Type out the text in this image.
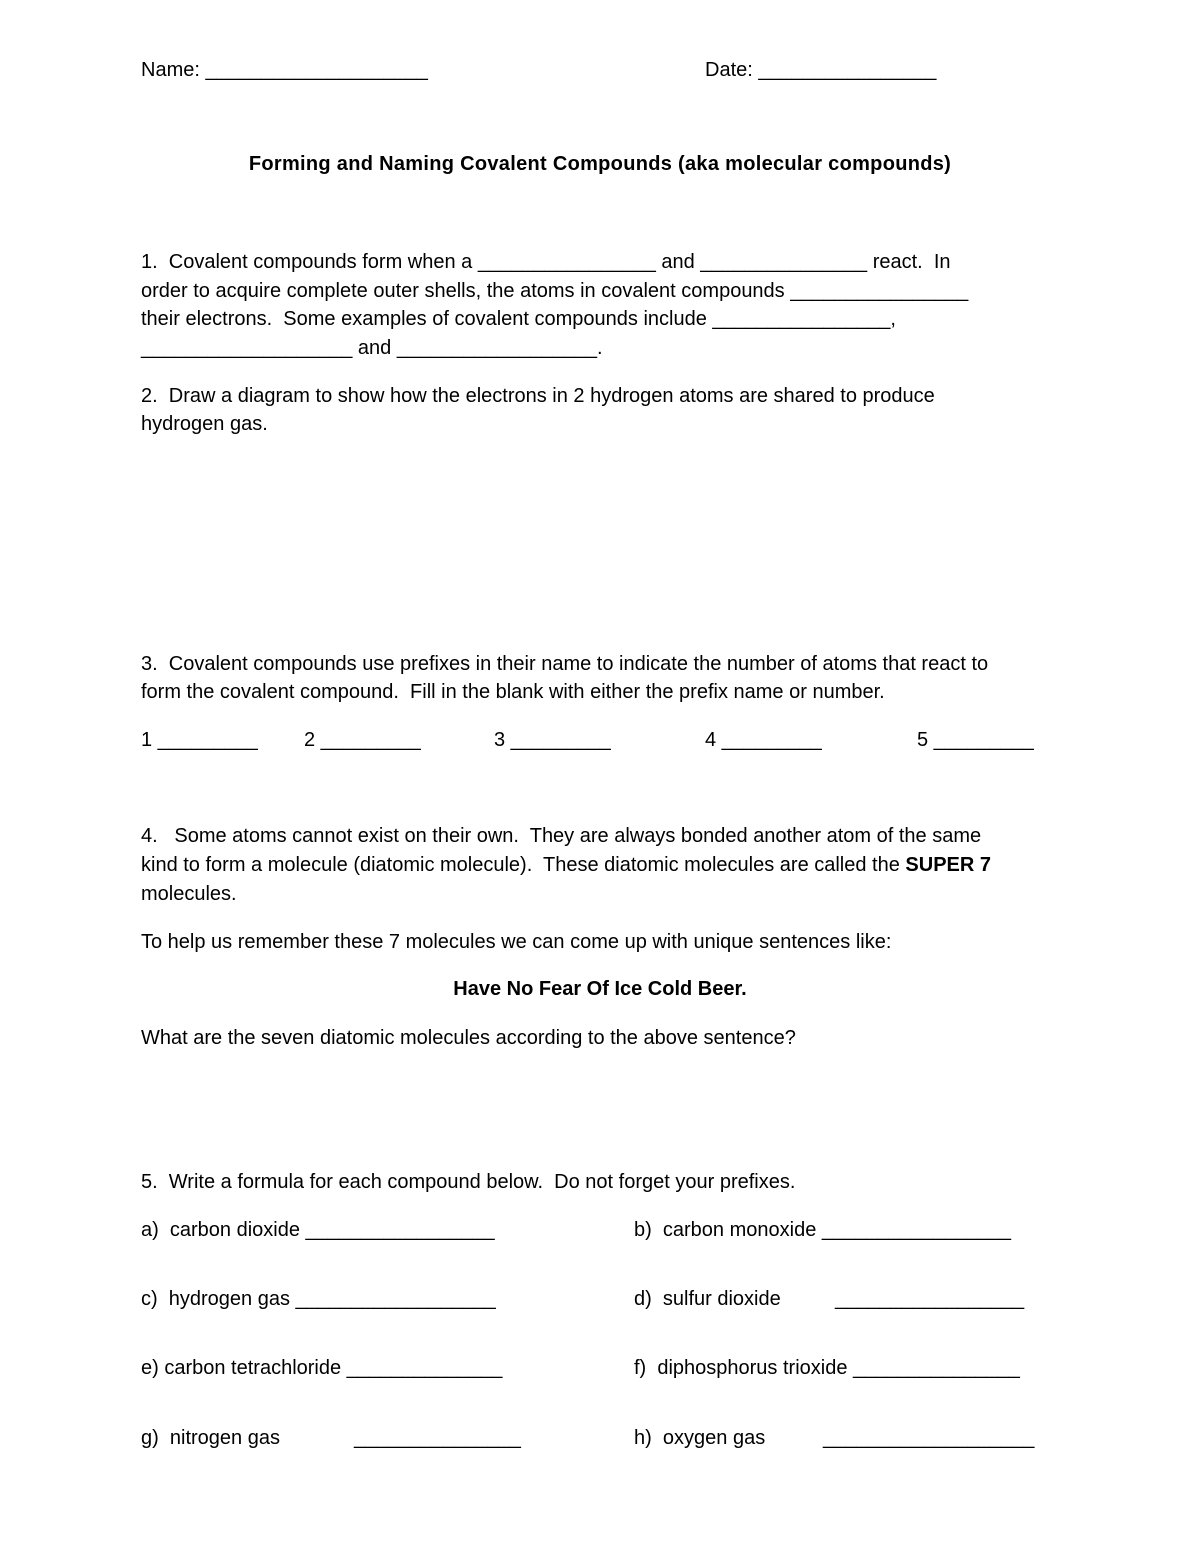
Name: ____________________	Date: ________________
Forming and Naming Covalent Compounds (aka molecular compounds)
1.  Covalent compounds form when a ________________ and _______________ react.  In
order to acquire complete outer shells, the atoms in covalent compounds ________________
their electrons.  Some examples of covalent compounds include ________________,
___________________ and __________________.
2.  Draw a diagram to show how the electrons in 2 hydrogen atoms are shared to produce
hydrogen gas.
3.  Covalent compounds use prefixes in their name to indicate the number of atoms that react to
form the covalent compound.  Fill in the blank with either the prefix name or number.
1 _________ 2 _________	3 _________	4 _________	5 _________
4.   Some atoms cannot exist on their own.  They are always bonded another atom of the same
kind to form a molecule (diatomic molecule).  These diatomic molecules are called the SUPER 7
molecules.
To help us remember these 7 molecules we can come up with unique sentences like:
Have No Fear Of Ice Cold Beer.
What are the seven diatomic molecules according to the above sentence?
5.  Write a formula for each compound below.  Do not forget your prefixes.
a)  carbon dioxide _________________	b)  carbon monoxide _________________
c)  hydrogen gas __________________	d)  sulfur dioxide	_________________
e) carbon tetrachloride ______________	f)  diphosphorus trioxide _______________
g)  nitrogen gas	_______________	h)  oxygen gas	___________________
